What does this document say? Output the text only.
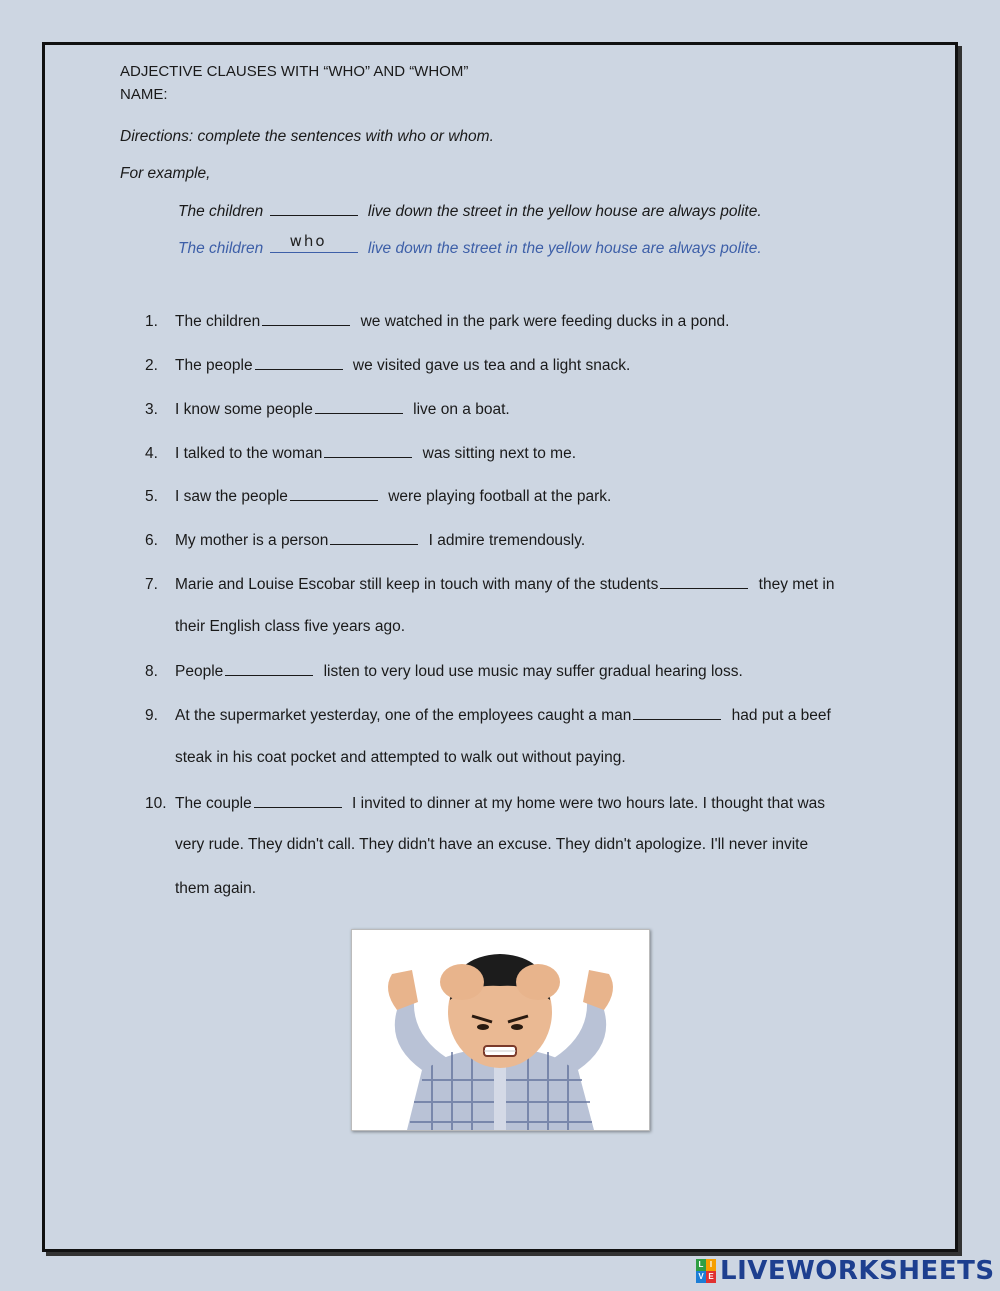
ADJECTIVE CLAUSES WITH “WHO” AND “WHOM”
NAME:
Directions: complete the sentences with who or whom.
For example,
The children	live down the street in the yellow house are always polite.
The children who	live down the street in the yellow house are always polite.
1. The children	we watched in the park were feeding ducks in a pond.
2. The people	we visited gave us tea and a light snack.
3. I know some people	live on a boat.
4. I talked to the woman	was sitting next to me.
5. I saw the people	were playing football at the park.
6. My mother is a person	I admire tremendously.
7. Marie and Louise Escobar still keep in touch with many of the students	they met in
their English class five years ago.
8. People	listen to very loud use music may suffer gradual hearing loss.
9. At the supermarket yesterday, one of the employees caught a man	had put a beef
steak in his coat pocket and attempted to walk out without paying.
10. The couple	I invited to dinner at my home were two hours late. I thought that was
very rude. They didn't call. They didn't have an excuse. They didn't apologize. I'll never invite
them again.
L I
V E LIVEWORKSHEETS
